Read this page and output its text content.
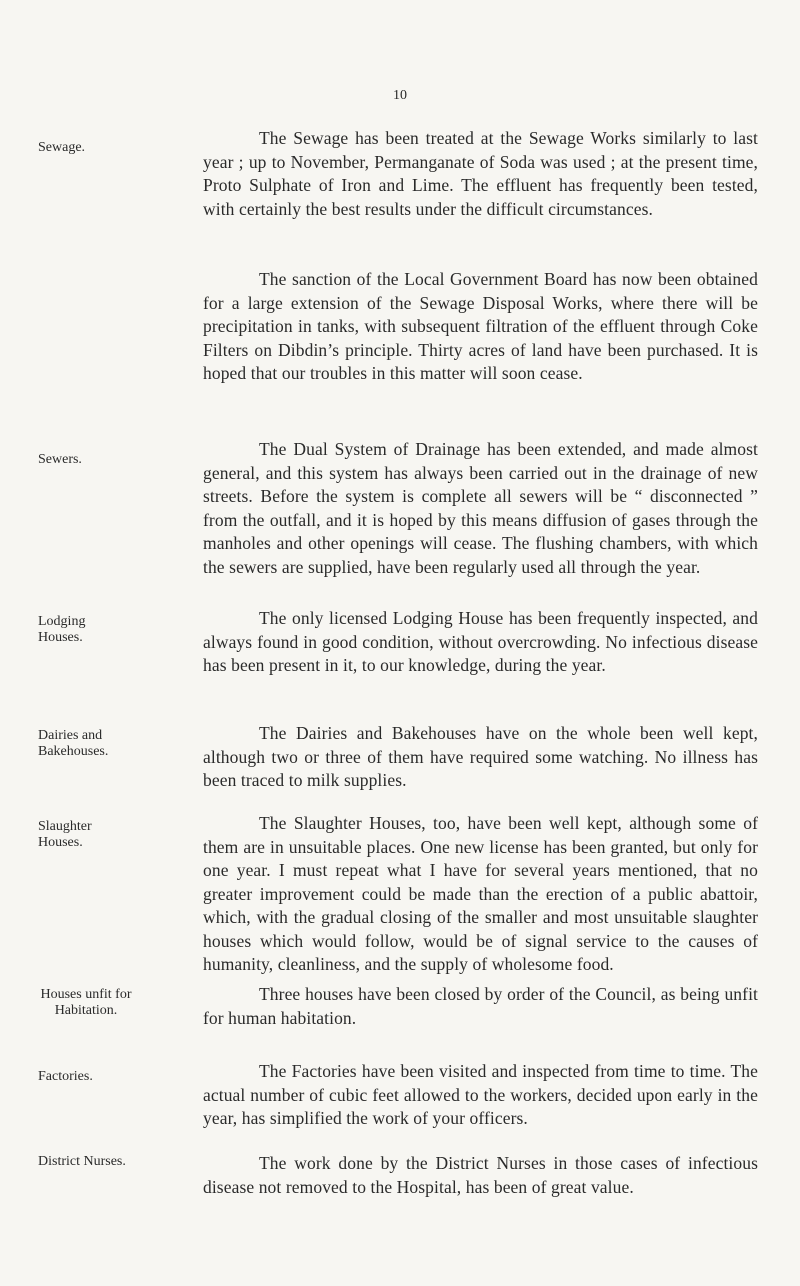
10
Sewage.	The Sewage has been treated at the Sewage Works similarly to last year ; up to November, Permanganate of Soda was used ; at the present time, Proto Sulphate of Iron and Lime. The effluent has frequently been tested, with certainly the best results under the difficult circumstances.

The sanction of the Local Government Board has now been obtained for a large extension of the Sewage Disposal Works, where there will be precipitation in tanks, with subsequent filtration of the effluent through Coke Filters on Dibdin’s principle. Thirty acres of land have been purchased. It is hoped that our troubles in this matter will soon cease.

Sewers.

The Dual System of Drainage has been extended, and made almost general, and this system has always been carried out in the drainage of new streets. Before the system is complete all sewers will be “ disconnected ” from the outfall, and it is hoped by this means diffusion of gases through the manholes and other openings will cease. The flushing chambers, with which the sewers are supplied, have been regularly used all through the year.

Lodging Houses.

The only licensed Lodging House has been frequently inspected, and always found in good condition, without overcrowding. No infectious disease has been present in it, to our knowledge, during the year.

Dairies and Bakehouses.

The Dairies and Bakehouses have on the whole been well kept, although two or three of them have required some watching. No illness has been traced to milk supplies.

Slaughter Houses.

The Slaughter Houses, too, have been well kept, although some of them are in unsuitable places. One new license has been granted, but only for one year. I must repeat what I have for several years mentioned, that no greater improvement could be made than the erection of a public abattoir, which, with the gradual closing of the smaller and most unsuitable slaughter houses which would follow, would be of signal service to the causes of humanity, cleanliness, and the supply of wholesome food.

Houses unfit for Habitation.

Three houses have been closed by order of the Council, as being unfit for human habitation.

Factories.	The Factories have been visited and inspected from time to time. The actual number of cubic feet allowed to the workers, decided upon early in the year, has simplified the work of your officers.

District Nurses.	The work done by the District Nurses in those cases of infectious disease not removed to the Hospital, has been of great value.
